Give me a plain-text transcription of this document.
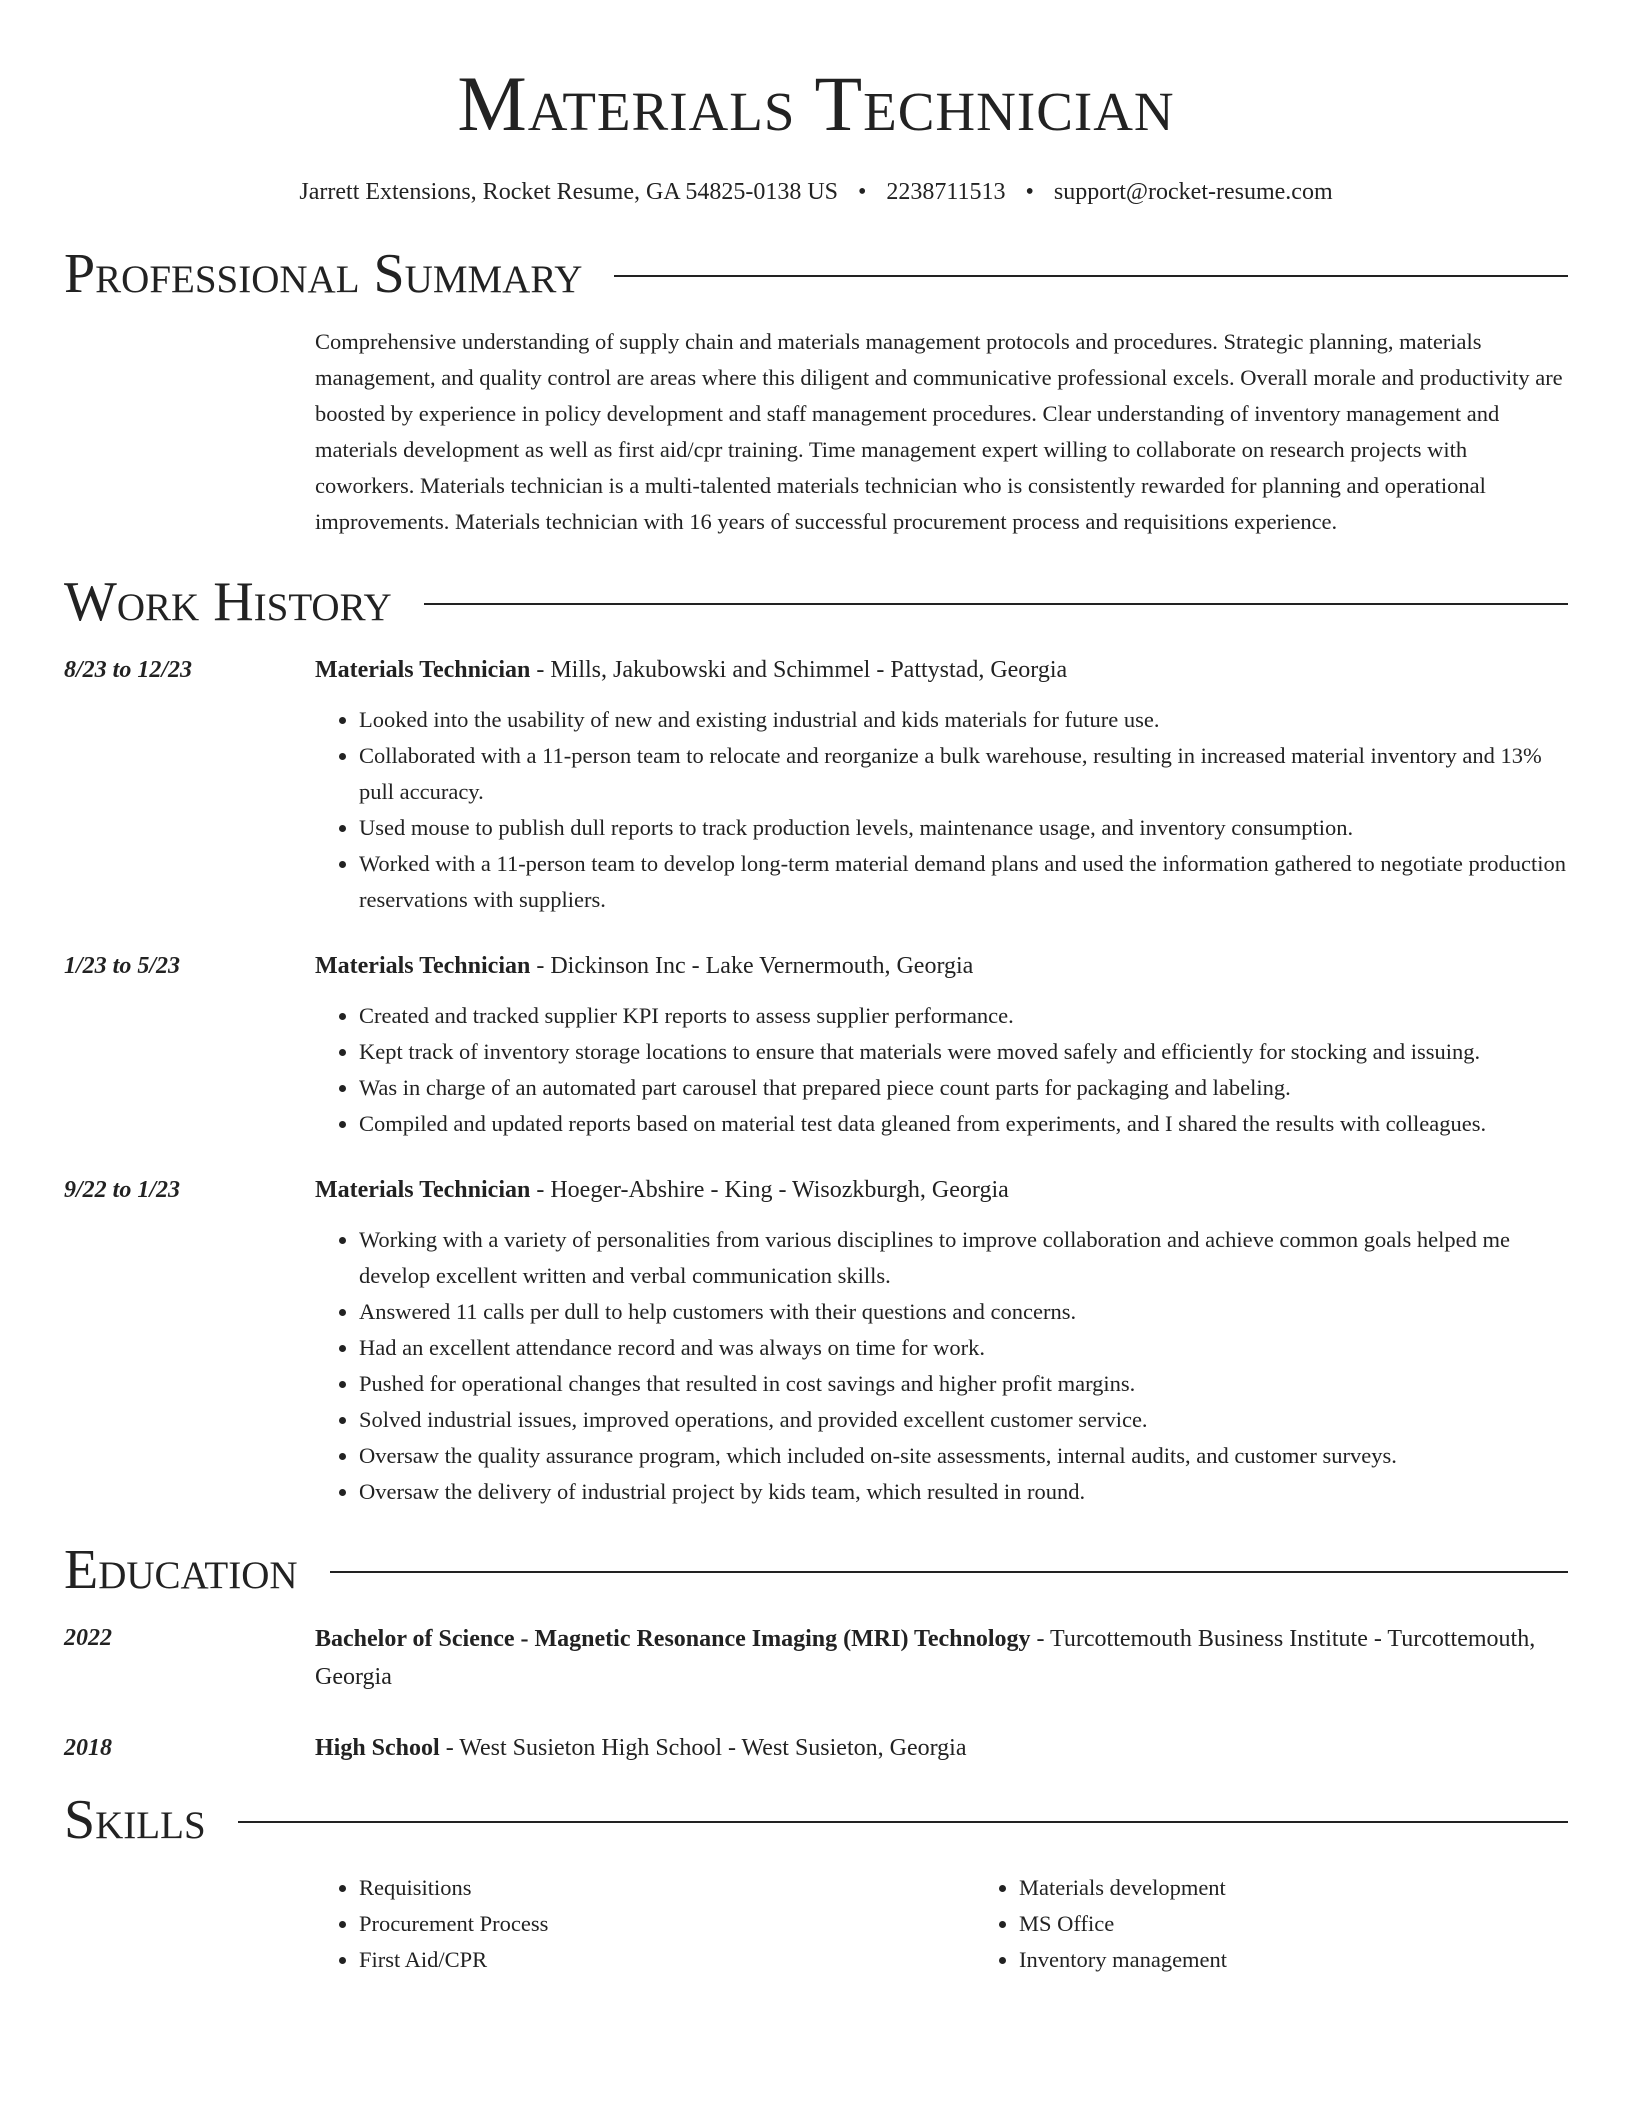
Materials Technician
Jarrett Extensions, Rocket Resume, GA 54825-0138 US • 2238711513 • support@rocket-resume.com
Professional Summary

Comprehensive understanding of supply chain and materials management protocols and procedures. Strategic planning, materials management, and quality control are areas where this diligent and communicative professional excels. Overall morale and productivity are boosted by experience in policy development and staff management procedures. Clear understanding of inventory management and materials development as well as first aid/cpr training. Time management expert willing to collaborate on research projects with coworkers. Materials technician is a multi-talented materials technician who is consistently rewarded for planning and operational improvements. Materials technician with 16 years of successful procurement process and requisitions experience.

Work History
8/23 to 12/23	Materials Technician - Mills, Jakubowski and Schimmel - Pattystad, Georgia
• Looked into the usability of new and existing industrial and kids materials for future use.
• Collaborated with a 11-person team to relocate and reorganize a bulk warehouse, resulting in increased material inventory and 13% pull accuracy.
• Used mouse to publish dull reports to track production levels, maintenance usage, and inventory consumption.
• Worked with a 11-person team to develop long-term material demand plans and used the information gathered to negotiate production reservations with suppliers.
1/23 to 5/23	Materials Technician - Dickinson Inc - Lake Vernermouth, Georgia
• Created and tracked supplier KPI reports to assess supplier performance.
• Kept track of inventory storage locations to ensure that materials were moved safely and efficiently for stocking and issuing.
• Was in charge of an automated part carousel that prepared piece count parts for packaging and labeling.
• Compiled and updated reports based on material test data gleaned from experiments, and I shared the results with colleagues.
9/22 to 1/23	Materials Technician - Hoeger-Abshire - King - Wisozkburgh, Georgia
• Working with a variety of personalities from various disciplines to improve collaboration and achieve common goals helped me develop excellent written and verbal communication skills.
• Answered 11 calls per dull to help customers with their questions and concerns.
• Had an excellent attendance record and was always on time for work.
• Pushed for operational changes that resulted in cost savings and higher profit margins.
• Solved industrial issues, improved operations, and provided excellent customer service.
• Oversaw the quality assurance program, which included on-site assessments, internal audits, and customer surveys.
• Oversaw the delivery of industrial project by kids team, which resulted in round.
Education
2022	Bachelor of Science - Magnetic Resonance Imaging (MRI) Technology - Turcottemouth Business Institute - Turcottemouth, Georgia
2018	High School - West Susieton High School - West Susieton, Georgia
Skills
• Requisitions
• Procurement Process
• First Aid/CPR
• Materials development
• MS Office
• Inventory management
